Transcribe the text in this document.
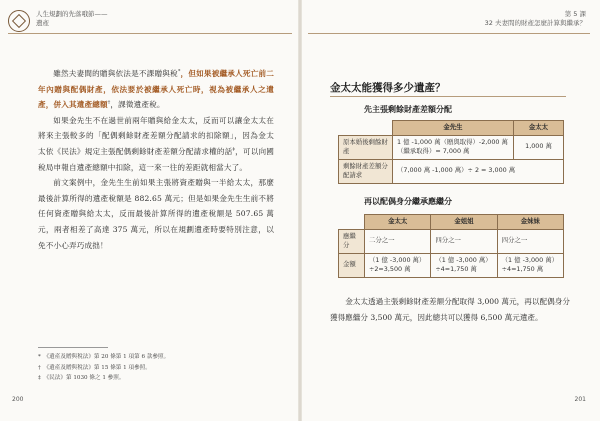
人生規劃的先落哦節——
遺產

雖然夫妻間的贈與依法是不課贈與稅*，但如果被繼承人死亡前二年內贈與配偶財產，依法要於被繼承人死亡時，視為被繼承人之遺產，併入其遺產總額†，課徵遺產稅。

如果金先生不在過世前兩年贈與給金太太，反而可以讓金太太在將來主張較多的「配偶剩餘財產差額分配請求的扣除額」，因為金太太依《民法》規定主張配偶剩餘財產差額分配請求權的話‡，可以向國稅局申報自遺產總額中扣除，這一來一往的差距就相當大了。

前文案例中，金先生生前如果主張將資產贈與一半給太太，那麼最後計算所得的遺產稅額是 882.65 萬元；但是如果金先生生前不將任何資產贈與給太太，反而最後計算所得的遺產稅額是 507.65 萬元，兩者相差了高達 375 萬元，所以在規劃遺產時要特別注意，以免不小心弄巧成拙！

*　《遺產及贈與稅法》第 20 條第 1 項第 6 款參照。
†　《遺產及贈與稅法》第 15 條第 1 項參照。
‡　《民法》第 1030 條之 1 參照。
200
第 5 課
32 夫妻間的財產怎麼計算與繼承？
金太太能獲得多少遺產？
先主張剩餘財產差額分配
	金先生	金太太
原本婚後剩餘財產	1 億 -1,000 萬（贈與取得）-2,000 萬（繼承取得）= 7,000 萬	1,000 萬
剩餘財產差額分配請求	（7,000 萬 -1,000 萬）÷ 2 = 3,000 萬	
再以配偶身分繼承應繼分
	金太太	金姐姐	金妹妹
應繼分	二分之一	四分之一	四分之一
金額	（1 億 -3,000 萬）÷2=3,500 萬	（1 億 -3,000 萬）÷4=1,750 萬	（1 億 -3,000 萬）÷4=1,750 萬

金太太透過主張剩餘財產差額分配取得 3,000 萬元，再以配偶身分獲得應繼分 3,500 萬元，因此總共可以獲得 6,500 萬元遺產。

201
